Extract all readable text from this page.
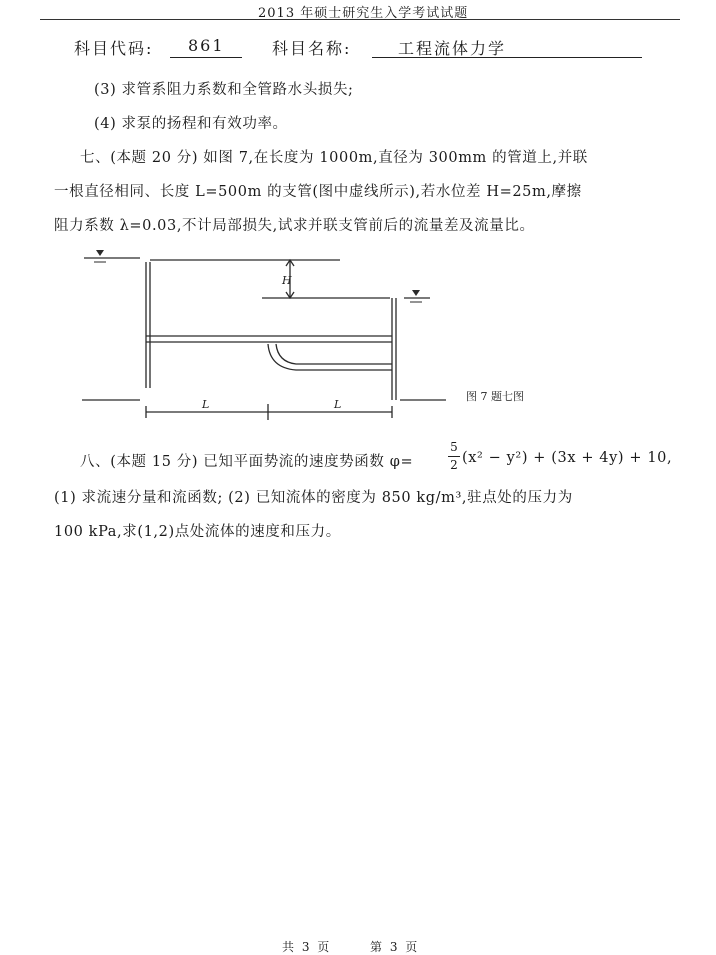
2013 年硕士研究生入学考试试题
科目代码: 861	科目名称:	工程流体力学
(3) 求管系阻力系数和全管路水头损失;
(4) 求泵的扬程和有效功率。
七、(本题 20 分) 如图 7,在长度为 1000m,直径为 300mm 的管道上,并联
一根直径相同、长度 L=500m 的支管(图中虚线所示),若水位差 H=25m,摩擦
阻力系数 λ=0.03,不计局部损失,试求并联支管前后的流量差及流量比。
H
L	L
图 7 题七图
八、(本题 15 分) 已知平面势流的速度势函数 φ=
5
2 (x² − y²) + (3x + 4y) + 10,
(1) 求流速分量和流函数; (2) 已知流体的密度为 850 kg/m³,驻点处的压力为
100 kPa,求(1,2)点处流体的速度和压力。
共 3 页	第 3 页
